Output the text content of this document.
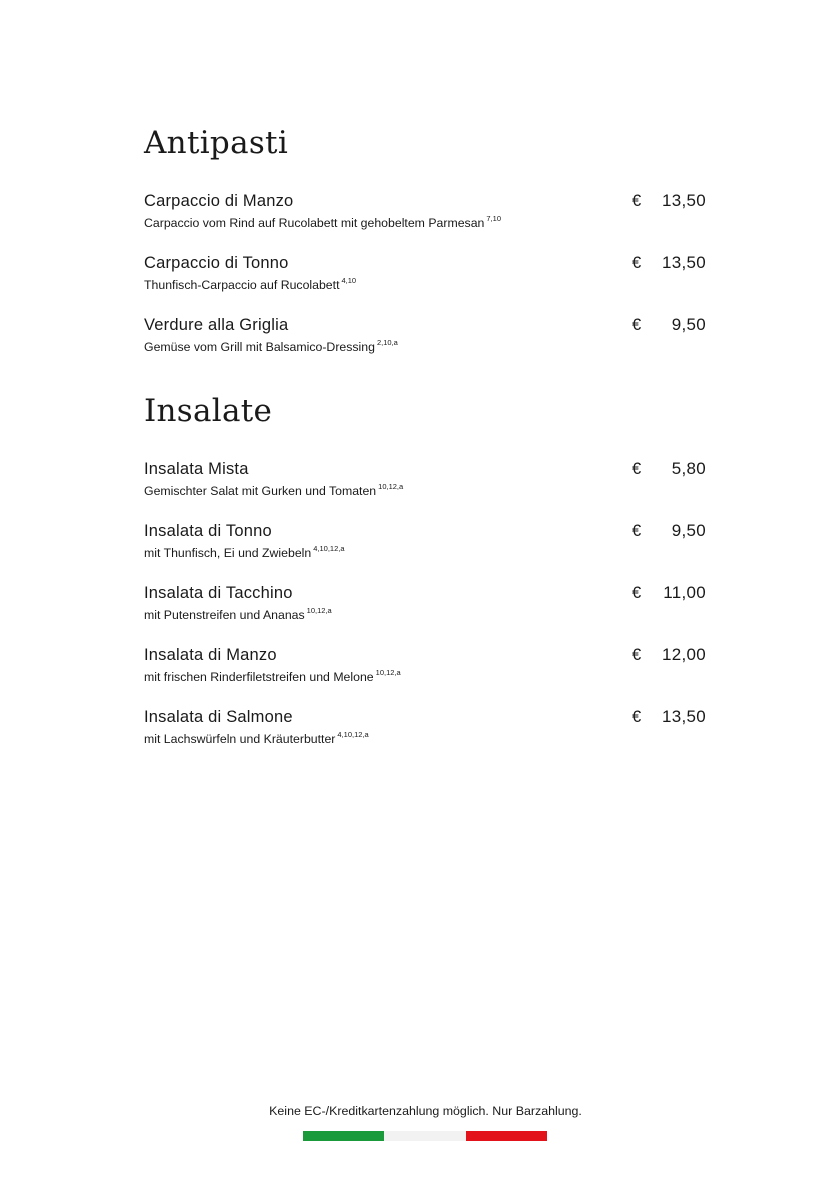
Antipasti
Carpaccio di Manzo
Carpaccio vom Rind auf Rucolabett mit gehobeltem Parmesan $^{7,10}$
€	13,50
Carpaccio di Tonno
Thunfisch-Carpaccio auf Rucolabett $^{4,10}$
€	13,50
Verdure alla Griglia
Gemüse vom Grill mit Balsamico-Dressing $^{2,10,a}$
€	9,50
Insalate
Insalata Mista
Gemischter Salat mit Gurken und Tomaten $^{10,12,a}$
€	5,80
Insalata di Tonno
mit Thunfisch, Ei und Zwiebeln $^{4,10,12,a}$
€	9,50
Insalata di Tacchino
mit Putenstreifen und Ananas $^{10,12,a}$
€	11,00
Insalata di Manzo
mit frischen Rinderfiletstreifen und Melone $^{10,12,a}$
€	12,00
Insalata di Salmone
mit Lachswürfeln und Kräuterbutter $^{4,10,12,a}$
€	13,50
Keine EC-/Kreditkartenzahlung möglich. Nur Barzahlung.
